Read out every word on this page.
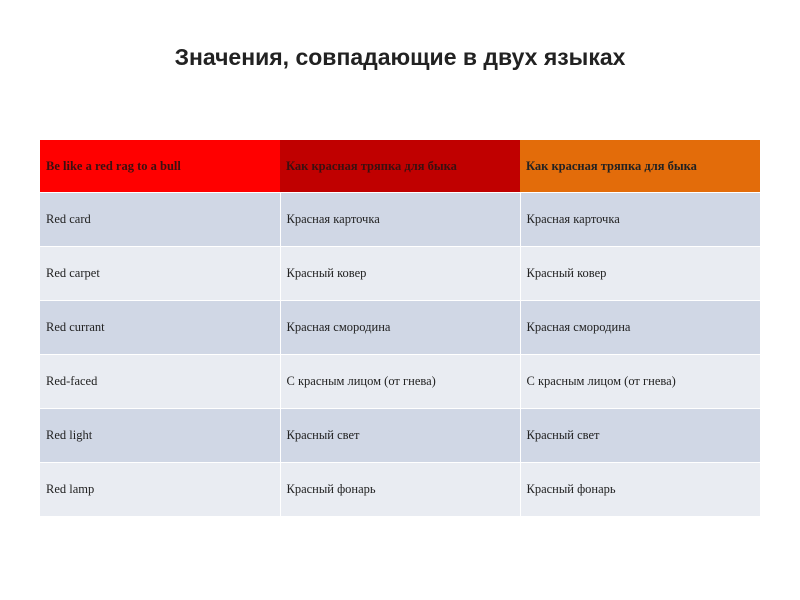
Значения, совпадающие в двух языках
Be like a red rag to a bull	Как красная тряпка для быка	Как красная тряпка для быка
Red card	Красная карточка	Красная карточка
Red carpet	Красный ковер	Красный ковер
Red currant	Красная смородина	Красная смородина
Red-faced	С красным лицом (от гнева)	С красным лицом (от гнева)
Red light	Красный свет	Красный свет
Red lamp	Красный фонарь	Красный фонарь
